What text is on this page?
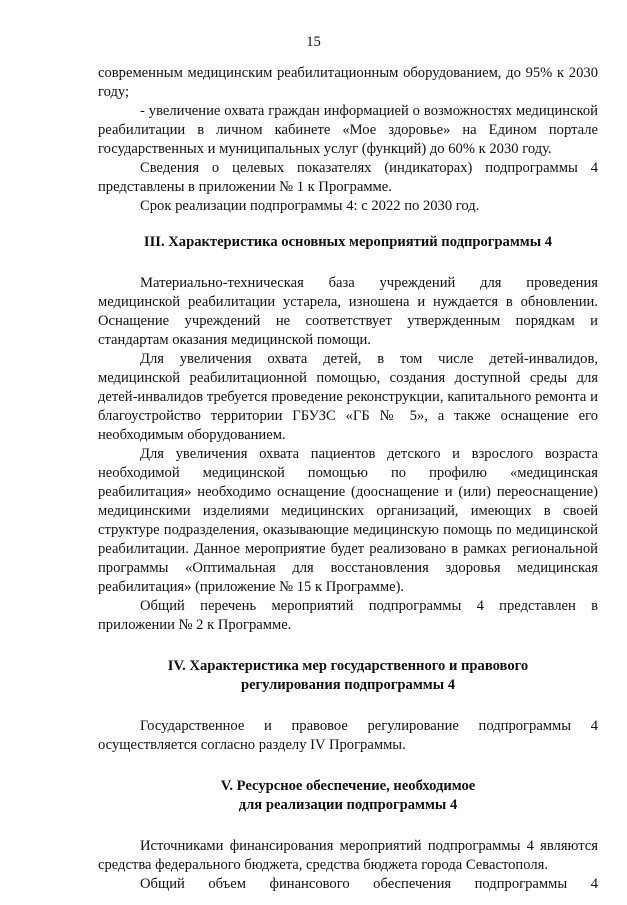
15

современным медицинским реабилитационным оборудованием, до 95% к 2030 году;

- увеличение охвата граждан информацией о возможностях медицинской реабилитации в личном кабинете «Мое здоровье» на Едином портале государственных и муниципальных услуг (функций) до 60% к 2030 году.

Сведения о целевых показателях (индикаторах) подпрограммы 4 представлены в приложении № 1 к Программе.

Срок реализации подпрограммы 4: с 2022 по 2030 год.

III. Характеристика основных мероприятий подпрограммы 4

Материально-техническая база учреждений для проведения медицинской реабилитации устарела, изношена и нуждается в обновлении. Оснащение учреждений не соответствует утвержденным порядкам и стандартам оказания медицинской помощи.

Для увеличения охвата детей, в том числе детей-инвалидов, медицинской реабилитационной помощью, создания доступной среды для детей-инвалидов требуется проведение реконструкции, капитального ремонта и благоустройство территории ГБУЗС «ГБ № 5», а также оснащение его необходимым оборудованием.

Для увеличения охвата пациентов детского и взрослого возраста необходимой медицинской помощью по профилю «медицинская реабилитация» необходимо оснащение (дооснащение и (или) переоснащение) медицинскими изделиями медицинских организаций, имеющих в своей структуре подразделения, оказывающие медицинскую помощь по медицинской реабилитации. Данное мероприятие будет реализовано в рамках региональной программы «Оптимальная для восстановления здоровья медицинская реабилитация» (приложение № 15 к Программе).

Общий перечень мероприятий подпрограммы 4 представлен в приложении № 2 к Программе.

IV. Характеристика мер государственного и правового
регулирования подпрограммы 4

Государственное и правовое регулирование подпрограммы 4 осуществляется согласно разделу IV Программы.

V. Ресурсное обеспечение, необходимое
для реализации подпрограммы 4

Источниками финансирования мероприятий подпрограммы 4 являются средства федерального бюджета, средства бюджета города Севастополя.

Общий объем финансового обеспечения подпрограммы 4
